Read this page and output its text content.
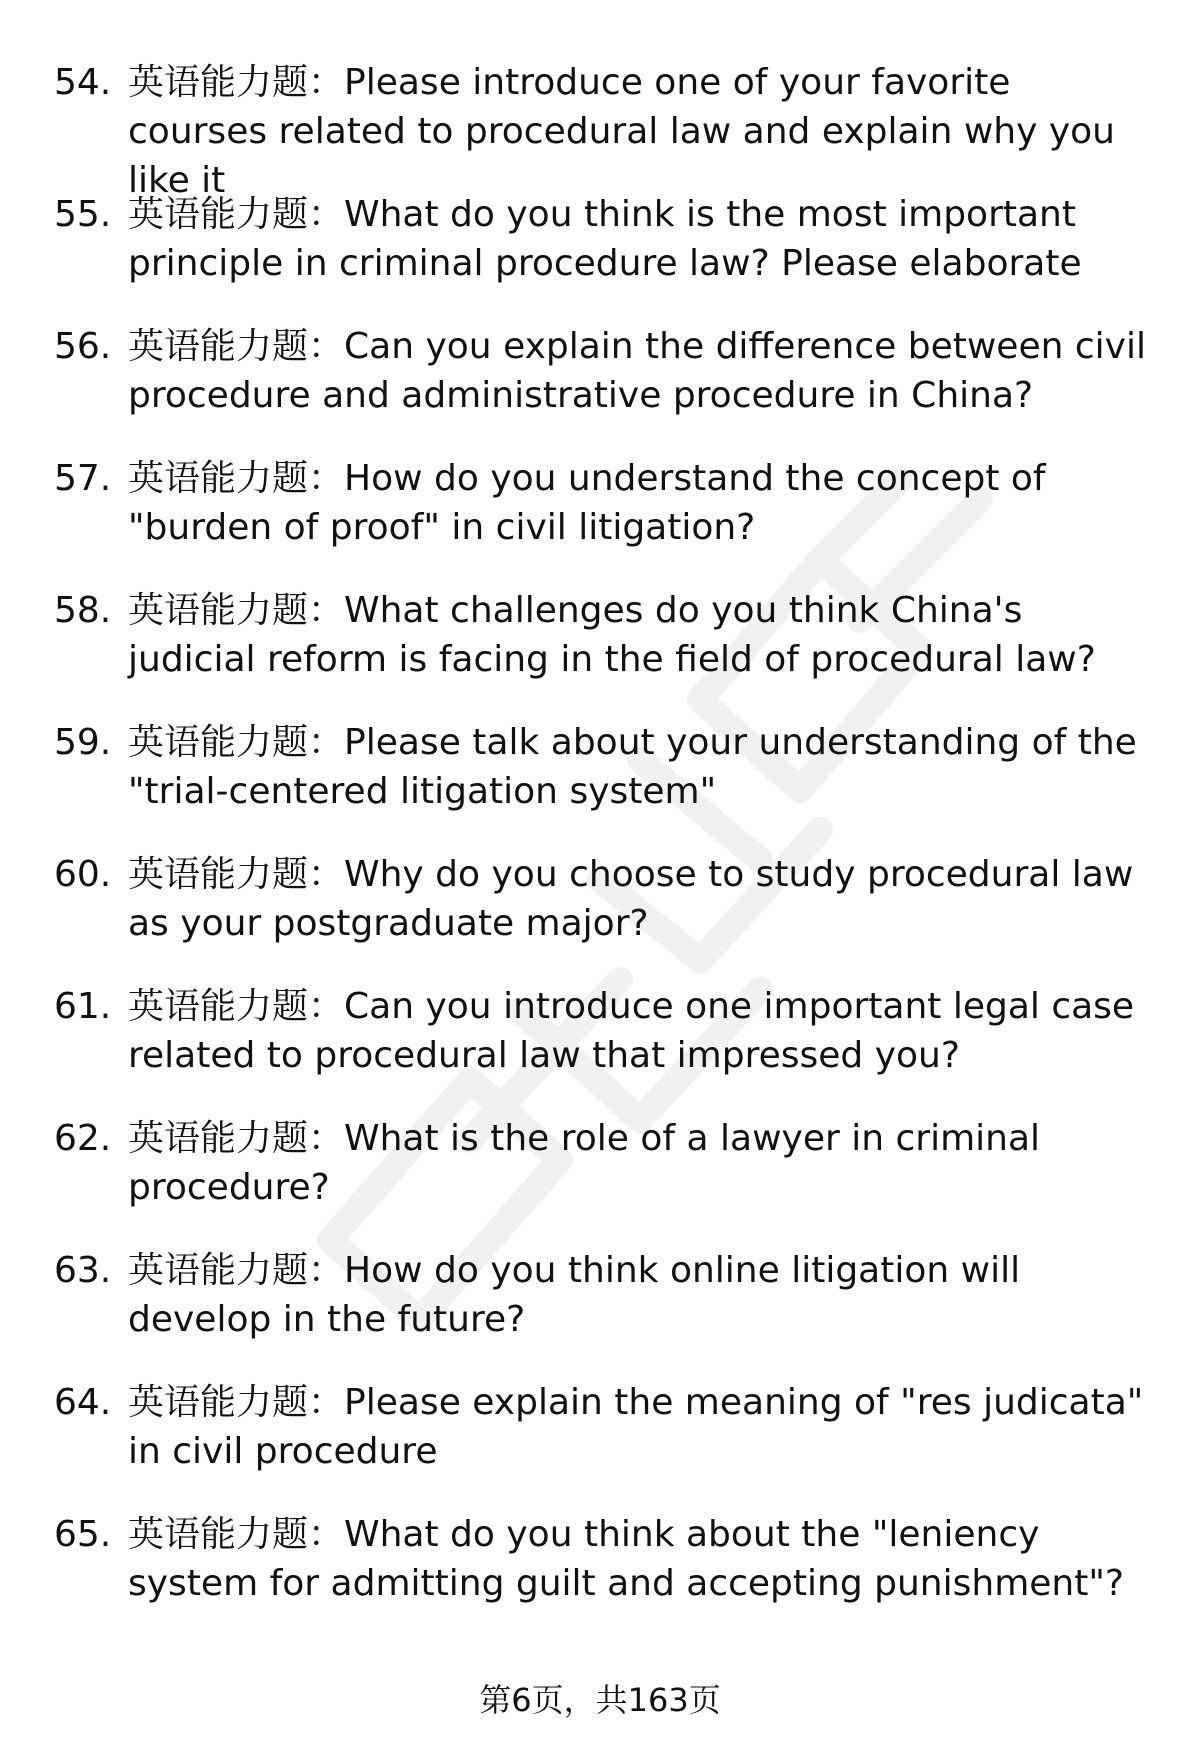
54. 英语能力题：Please introduce one of your favorite courses related to procedural law and explain why you like it
55. 英语能力题：What do you think is the most important principle in criminal procedure law? Please elaborate
56. 英语能力题：Can you explain the difference between civil procedure and administrative procedure in China?
57. 英语能力题：How do you understand the concept of "burden of proof" in civil litigation?
58. 英语能力题：What challenges do you think China's judicial reform is facing in the field of procedural law?
59. 英语能力题：Please talk about your understanding of the "trial-centered litigation system"
60. 英语能力题：Why do you choose to study procedural law as your postgraduate major?
61. 英语能力题：Can you introduce one important legal case related to procedural law that impressed you?
62. 英语能力题：What is the role of a lawyer in criminal procedure?
63. 英语能力题：How do you think online litigation will develop in the future?
64. 英语能力题：Please explain the meaning of "res judicata" in civil procedure
65. 英语能力题：What do you think about the "leniency system for admitting guilt and accepting punishment"?
第6页，共163页
